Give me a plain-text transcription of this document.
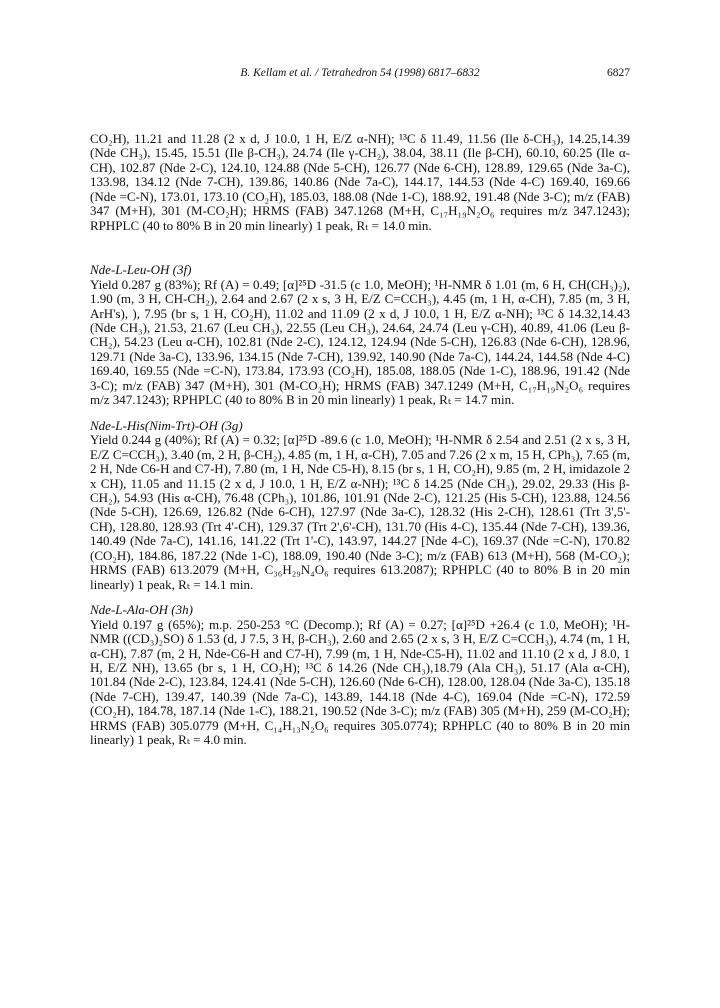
B. Kellam et al. / Tetrahedron 54 (1998) 6817–6832	6827

CO₂H), 11.21 and 11.28 (2 x d, J 10.0, 1 H, E/Z α-NH); ¹³C δ 11.49, 11.56 (Ile δ-CH₃), 14.25,14.39 (Nde CH₃), 15.45, 15.51 (Ile β-CH₃), 24.74 (Ile γ-CH₂), 38.04, 38.11 (Ile β-CH), 60.10, 60.25 (Ile α-CH), 102.87 (Nde 2-C), 124.10, 124.88 (Nde 5-CH), 126.77 (Nde 6-CH), 128.89, 129.65 (Nde 3a-C), 133.98, 134.12 (Nde 7-CH), 139.86, 140.86 (Nde 7a-C), 144.17, 144.53 (Nde 4-C) 169.40, 169.66 (Nde =C-N), 173.01, 173.10 (CO₂H), 185.03, 188.08 (Nde 1-C), 188.92, 191.48 (Nde 3-C); m/z (FAB) 347 (M+H), 301 (M-CO₂H); HRMS (FAB) 347.1268 (M+H, C₁₇H₁₉N₂O₆ requires m/z 347.1243); RPHPLC (40 to 80% B in 20 min linearly) 1 peak, Rₜ = 14.0 min.

Nde-L-Leu-OH (3f)

Yield 0.287 g (83%); Rf (A) = 0.49; [α]²⁵D -31.5 (c 1.0, MeOH); ¹H-NMR δ 1.01 (m, 6 H, CH(CH₃)₂), 1.90 (m, 3 H, CH-CH₂), 2.64 and 2.67 (2 x s, 3 H, E/Z C=CCH₃), 4.45 (m, 1 H, α-CH), 7.85 (m, 3 H, ArH's), ), 7.95 (br s, 1 H, CO₂H), 11.02 and 11.09 (2 x d, J 10.0, 1 H, E/Z α-NH); ¹³C δ 14.32,14.43 (Nde CH₃), 21.53, 21.67 (Leu CH₃), 22.55 (Leu CH₃), 24.64, 24.74 (Leu γ-CH), 40.89, 41.06 (Leu β-CH₂), 54.23 (Leu α-CH), 102.81 (Nde 2-C), 124.12, 124.94 (Nde 5-CH), 126.83 (Nde 6-CH), 128.96, 129.71 (Nde 3a-C), 133.96, 134.15 (Nde 7-CH), 139.92, 140.90 (Nde 7a-C), 144.24, 144.58 (Nde 4-C) 169.40, 169.55 (Nde =C-N), 173.84, 173.93 (CO₂H), 185.08, 188.05 (Nde 1-C), 188.96, 191.42 (Nde 3-C); m/z (FAB) 347 (M+H), 301 (M-CO₂H); HRMS (FAB) 347.1249 (M+H, C₁₇H₁₉N₂O₆ requires m/z 347.1243); RPHPLC (40 to 80% B in 20 min linearly) 1 peak, Rₜ = 14.7 min.

Nde-L-His(Nim-Trt)-OH (3g)

Yield 0.244 g (40%); Rf (A) = 0.32; [α]²⁵D -89.6 (c 1.0, MeOH); ¹H-NMR δ 2.54 and 2.51 (2 x s, 3 H, E/Z C=CCH₃), 3.40 (m, 2 H, β-CH₂), 4.85 (m, 1 H, α-CH), 7.05 and 7.26 (2 x m, 15 H, CPh₃), 7.65 (m, 2 H, Nde C6-H and C7-H), 7.80 (m, 1 H, Nde C5-H), 8.15 (br s, 1 H, CO₂H), 9.85 (m, 2 H, imidazole 2 x CH), 11.05 and 11.15 (2 x d, J 10.0, 1 H, E/Z α-NH); ¹³C δ 14.25 (Nde CH₃), 29.02, 29.33 (His β-CH₂), 54.93 (His α-CH), 76.48 (CPh₃), 101.86, 101.91 (Nde 2-C), 121.25 (His 5-CH), 123.88, 124.56 (Nde 5-CH), 126.69, 126.82 (Nde 6-CH), 127.97 (Nde 3a-C), 128.32 (His 2-CH), 128.61 (Trt 3',5'-CH), 128.80, 128.93 (Trt 4'-CH), 129.37 (Trt 2',6'-CH), 131.70 (His 4-C), 135.44 (Nde 7-CH), 139.36, 140.49 (Nde 7a-C), 141.16, 141.22 (Trt 1'-C), 143.97, 144.27 [Nde 4-C), 169.37 (Nde =C-N), 170.82 (CO₂H), 184.86, 187.22 (Nde 1-C), 188.09, 190.40 (Nde 3-C); m/z (FAB) 613 (M+H), 568 (M-CO₂); HRMS (FAB) 613.2079 (M+H, C₃₆H₂₉N₄O₆ requires 613.2087); RPHPLC (40 to 80% B in 20 min linearly) 1 peak, Rₜ = 14.1 min.

Nde-L-Ala-OH (3h)

Yield 0.197 g (65%); m.p. 250-253 °C (Decomp.); Rf (A) = 0.27; [α]²⁵D +26.4 (c 1.0, MeOH); ¹H-NMR ((CD₃)₂SO) δ 1.53 (d, J 7.5, 3 H, β-CH₃), 2.60 and 2.65 (2 x s, 3 H, E/Z C=CCH₃), 4.74 (m, 1 H, α-CH), 7.87 (m, 2 H, Nde-C6-H and C7-H), 7.99 (m, 1 H, Nde-C5-H), 11.02 and 11.10 (2 x d, J 8.0, 1 H, E/Z NH), 13.65 (br s, 1 H, CO₂H); ¹³C δ 14.26 (Nde CH₃),18.79 (Ala CH₃), 51.17 (Ala α-CH), 101.84 (Nde 2-C), 123.84, 124.41 (Nde 5-CH), 126.60 (Nde 6-CH), 128.00, 128.04 (Nde 3a-C), 135.18 (Nde 7-CH), 139.47, 140.39 (Nde 7a-C), 143.89, 144.18 (Nde 4-C), 169.04 (Nde =C-N), 172.59 (CO₂H), 184.78, 187.14 (Nde 1-C), 188.21, 190.52 (Nde 3-C); m/z (FAB) 305 (M+H), 259 (M-CO₂H); HRMS (FAB) 305.0779 (M+H, C₁₄H₁₃N₂O₆ requires 305.0774); RPHPLC (40 to 80% B in 20 min linearly) 1 peak, Rₜ = 4.0 min.
